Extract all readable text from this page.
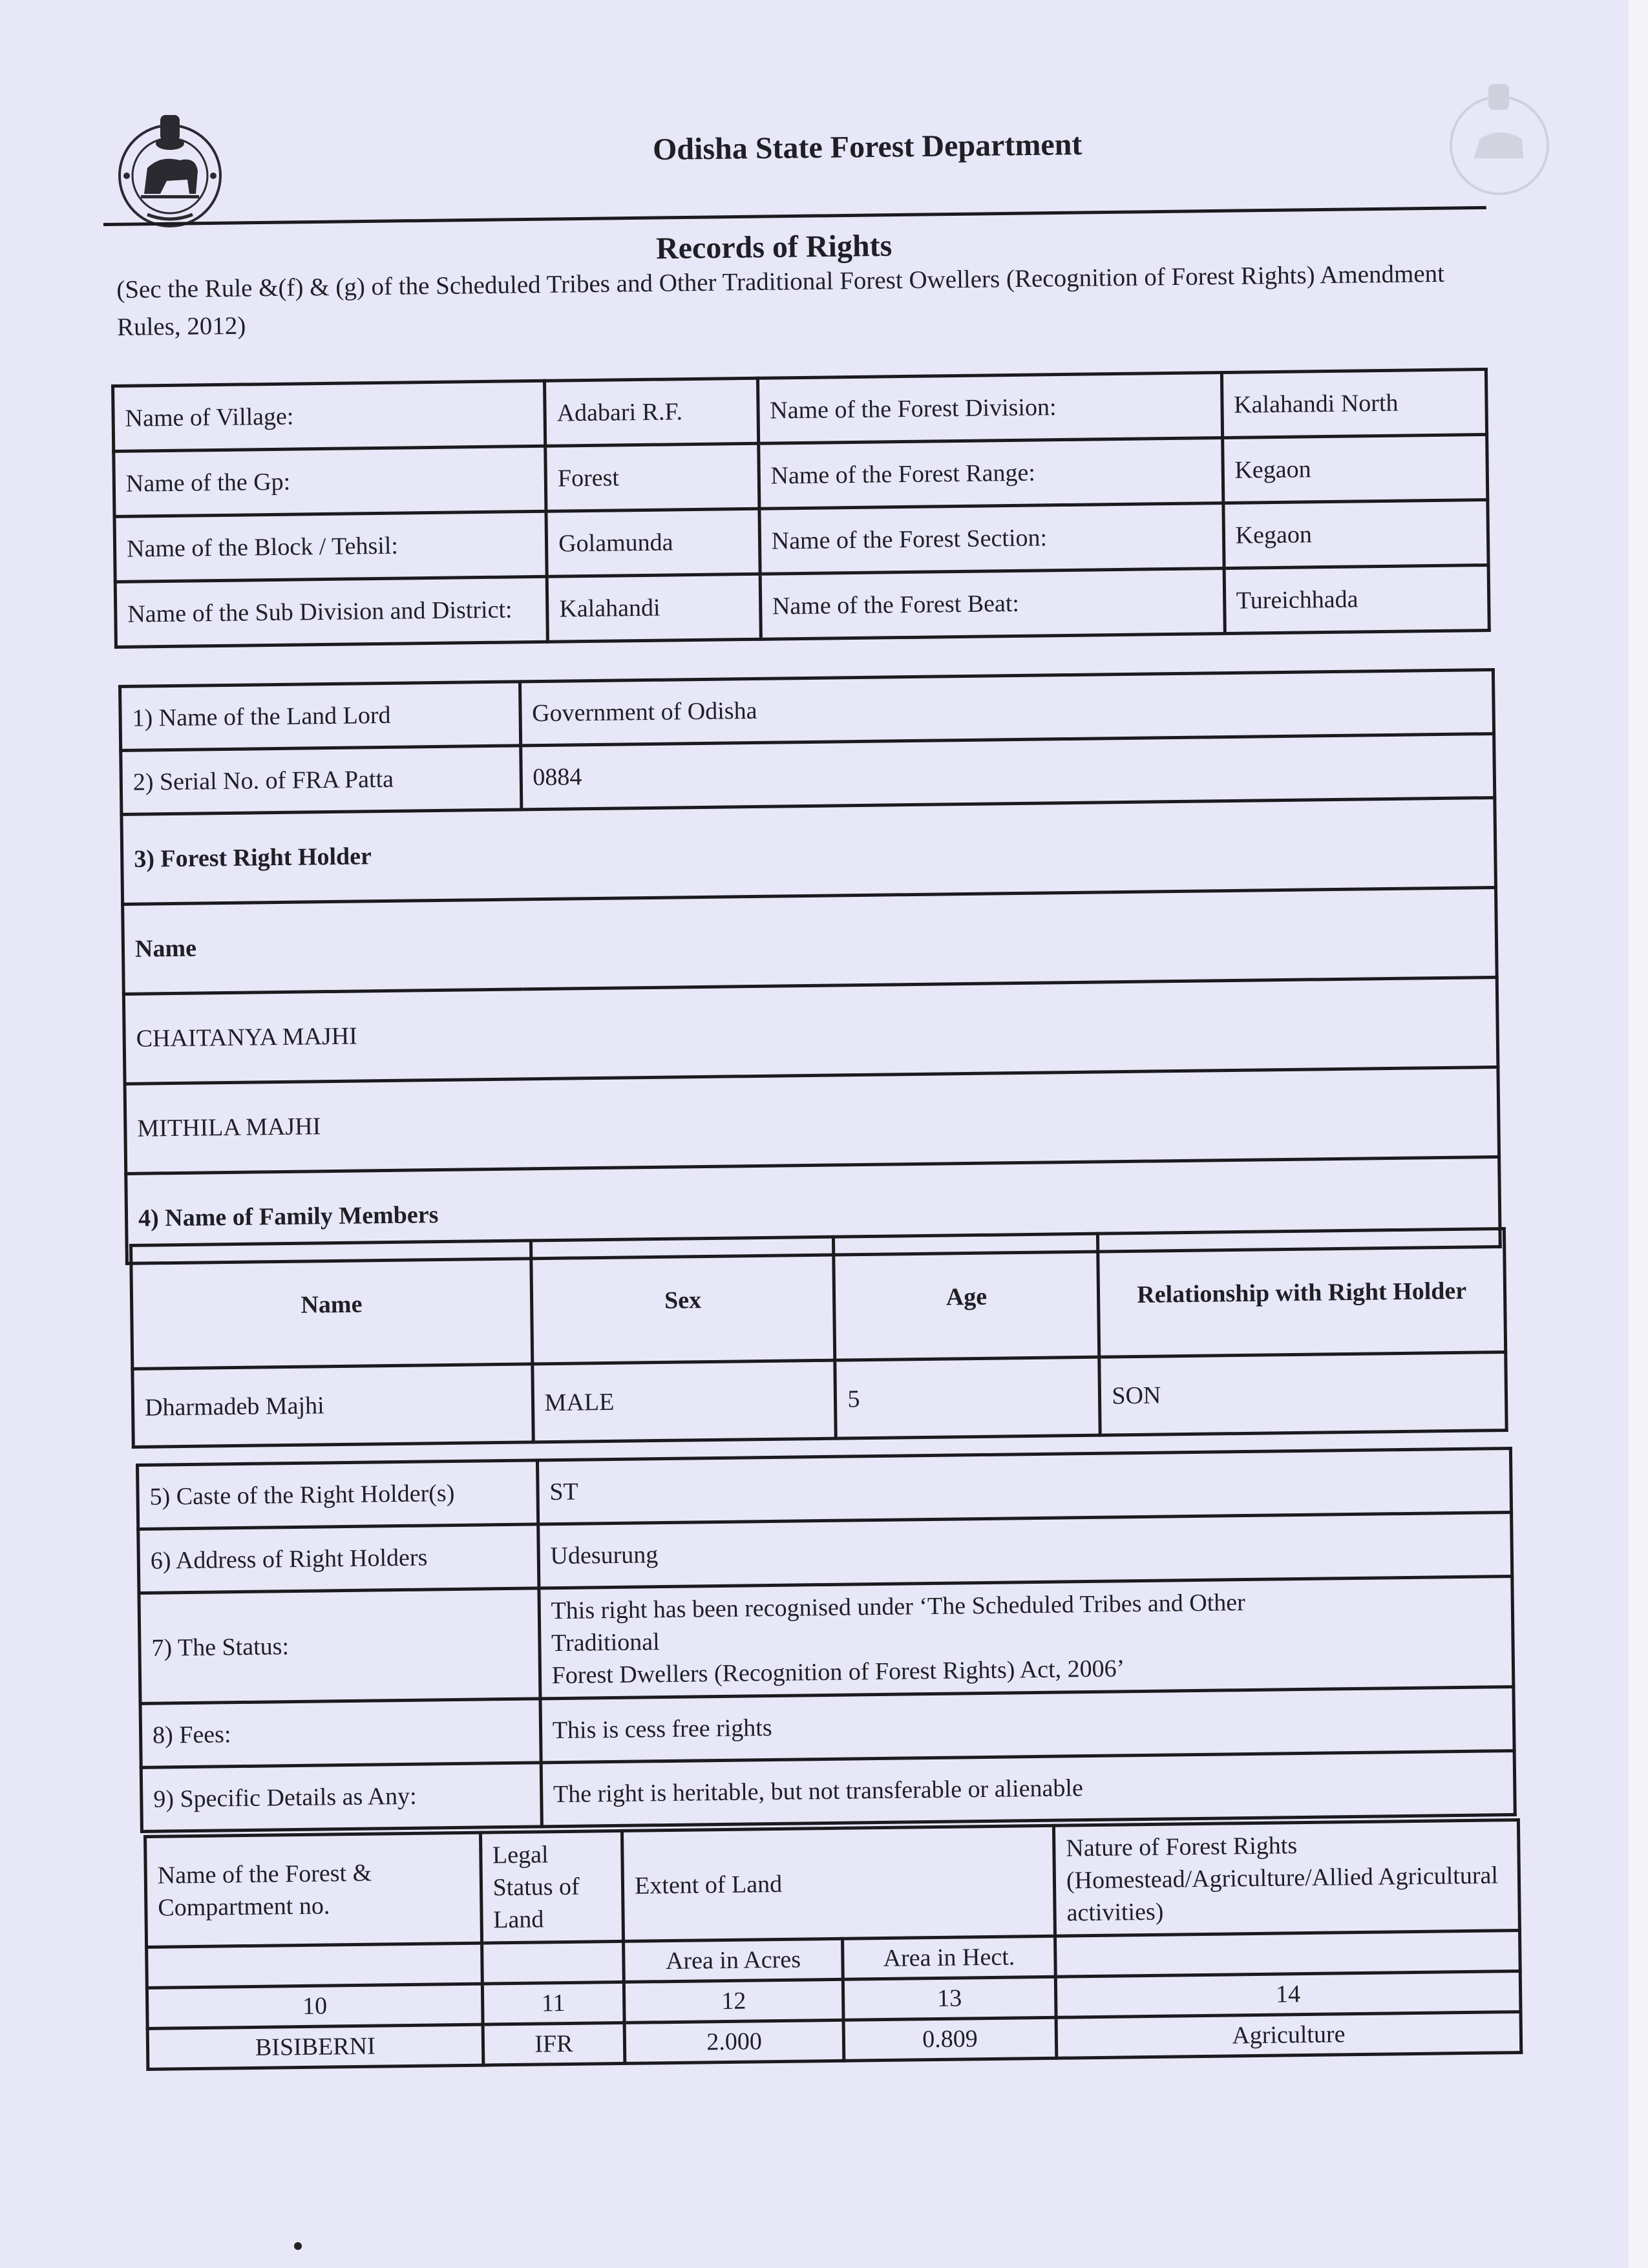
Odisha State Forest Department
Records of Rights
(Sec the Rule &(f) & (g) of the Scheduled Tribes and Other Traditional Forest Owellers (Recognition of Forest Rights) Amendment Rules, 2012)
Name of Village:	Adabari R.F.	Name of the Forest Division:	Kalahandi North
Name of the Gp:	Forest	Name of the Forest Range:	Kegaon
Name of the Block / Tehsil:	Golamunda	Name of the Forest Section:	Kegaon
Name of the Sub Division and District:	Kalahandi	Name of the Forest Beat:	Tureichhada
1) Name of the Land Lord	Government of Odisha
2) Serial No. of FRA Patta	0884
3) Forest Right Holder	
Name	
CHAITANYA MAJHI	
MITHILA MAJHI	
4) Name of Family Members	
Name	Sex	Age	Relationship with Right Holder
Dharmadeb Majhi	MALE	5	SON
5) Caste of the Right Holder(s)	ST
6) Address of Right Holders	Udesurung
7) The Status:	This right has been recognised under ‘The Scheduled Tribes and Other
Traditional
Forest Dwellers (Recognition of Forest Rights) Act, 2006’

8) Fees:	This is cess free rights
9) Specific Details as Any:	The right is heritable, but not transferable or alienable
Name of the Forest & Compartment no.	Legal Status of Land	Extent of Land		Nature of Forest Rights (Homestead/Agriculture/Allied Agricultural activities)
		Area in Acres	Area in Hect.	
10	11	12	13	14
BISIBERNI	IFR	2.000	0.809	Agriculture
